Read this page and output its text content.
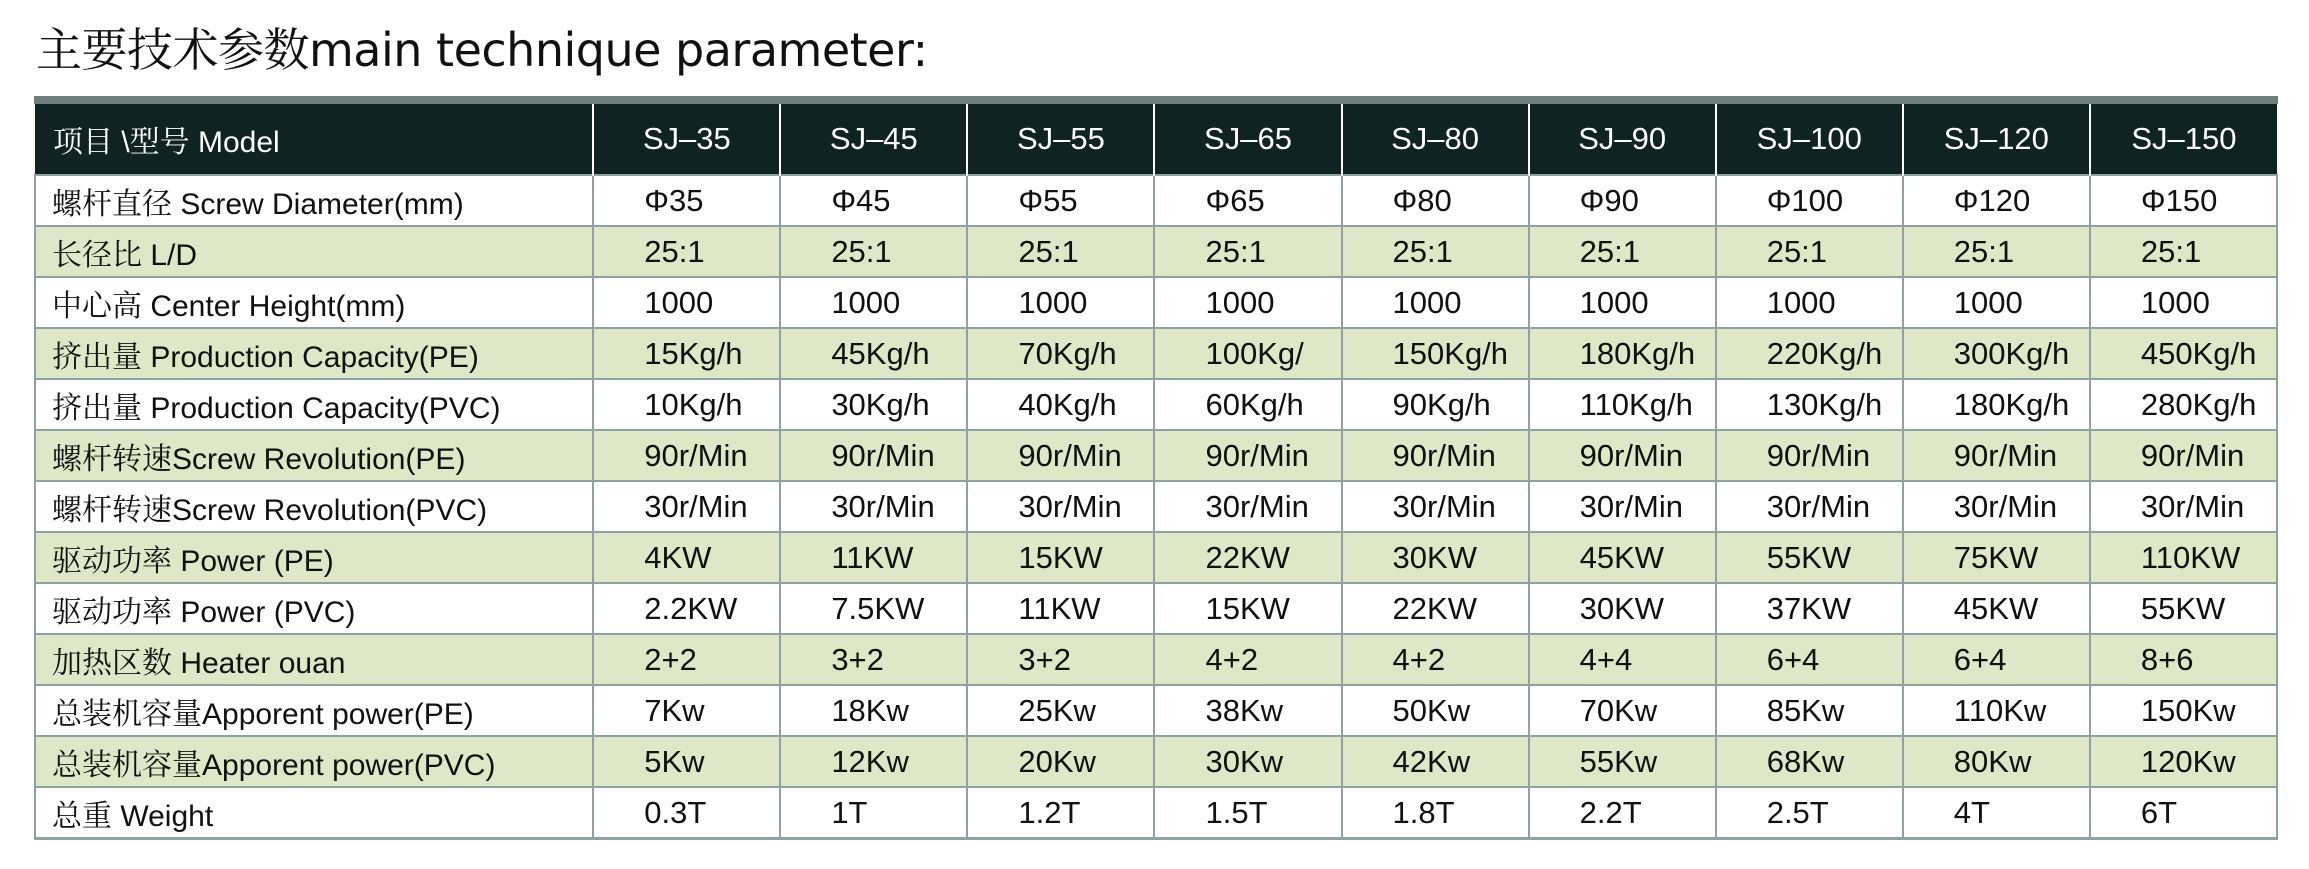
主要技术参数main technique parameter:
项目 \型号 Model	SJ–35	SJ–45	SJ–55	SJ–65	SJ–80	SJ–90	SJ–100	SJ–120	SJ–150
螺杆直径 Screw Diameter(mm)	Φ35	Φ45	Φ55	Φ65	Φ80	Φ90	Φ100	Φ120	Φ150
长径比 L/D	25:1	25:1	25:1	25:1	25:1	25:1	25:1	25:1	25:1
中心高 Center Height(mm)	1000	1000	1000	1000	1000	1000	1000	1000	1000
挤出量 Production Capacity(PE)	15Kg/h	45Kg/h	70Kg/h	100Kg/	150Kg/h	180Kg/h	220Kg/h	300Kg/h	450Kg/h
挤出量 Production Capacity(PVC)	10Kg/h	30Kg/h	40Kg/h	60Kg/h	90Kg/h	110Kg/h	130Kg/h	180Kg/h	280Kg/h
螺杆转速Screw Revolution(PE)	90r/Min	90r/Min	90r/Min	90r/Min	90r/Min	90r/Min	90r/Min	90r/Min	90r/Min
螺杆转速Screw Revolution(PVC)	30r/Min	30r/Min	30r/Min	30r/Min	30r/Min	30r/Min	30r/Min	30r/Min	30r/Min
驱动功率 Power (PE)	4KW	11KW	15KW	22KW	30KW	45KW	55KW	75KW	110KW
驱动功率 Power (PVC)	2.2KW	7.5KW	11KW	15KW	22KW	30KW	37KW	45KW	55KW
加热区数 Heater ouan	2+2	3+2	3+2	4+2	4+2	4+4	6+4	6+4	8+6
总装机容量Apporent power(PE)	7Kw	18Kw	25Kw	38Kw	50Kw	70Kw	85Kw	110Kw	150Kw
总装机容量Apporent power(PVC)	5Kw	12Kw	20Kw	30Kw	42Kw	55Kw	68Kw	80Kw	120Kw
总重 Weight	0.3T	1T	1.2T	1.5T	1.8T	2.2T	2.5T	4T	6T
